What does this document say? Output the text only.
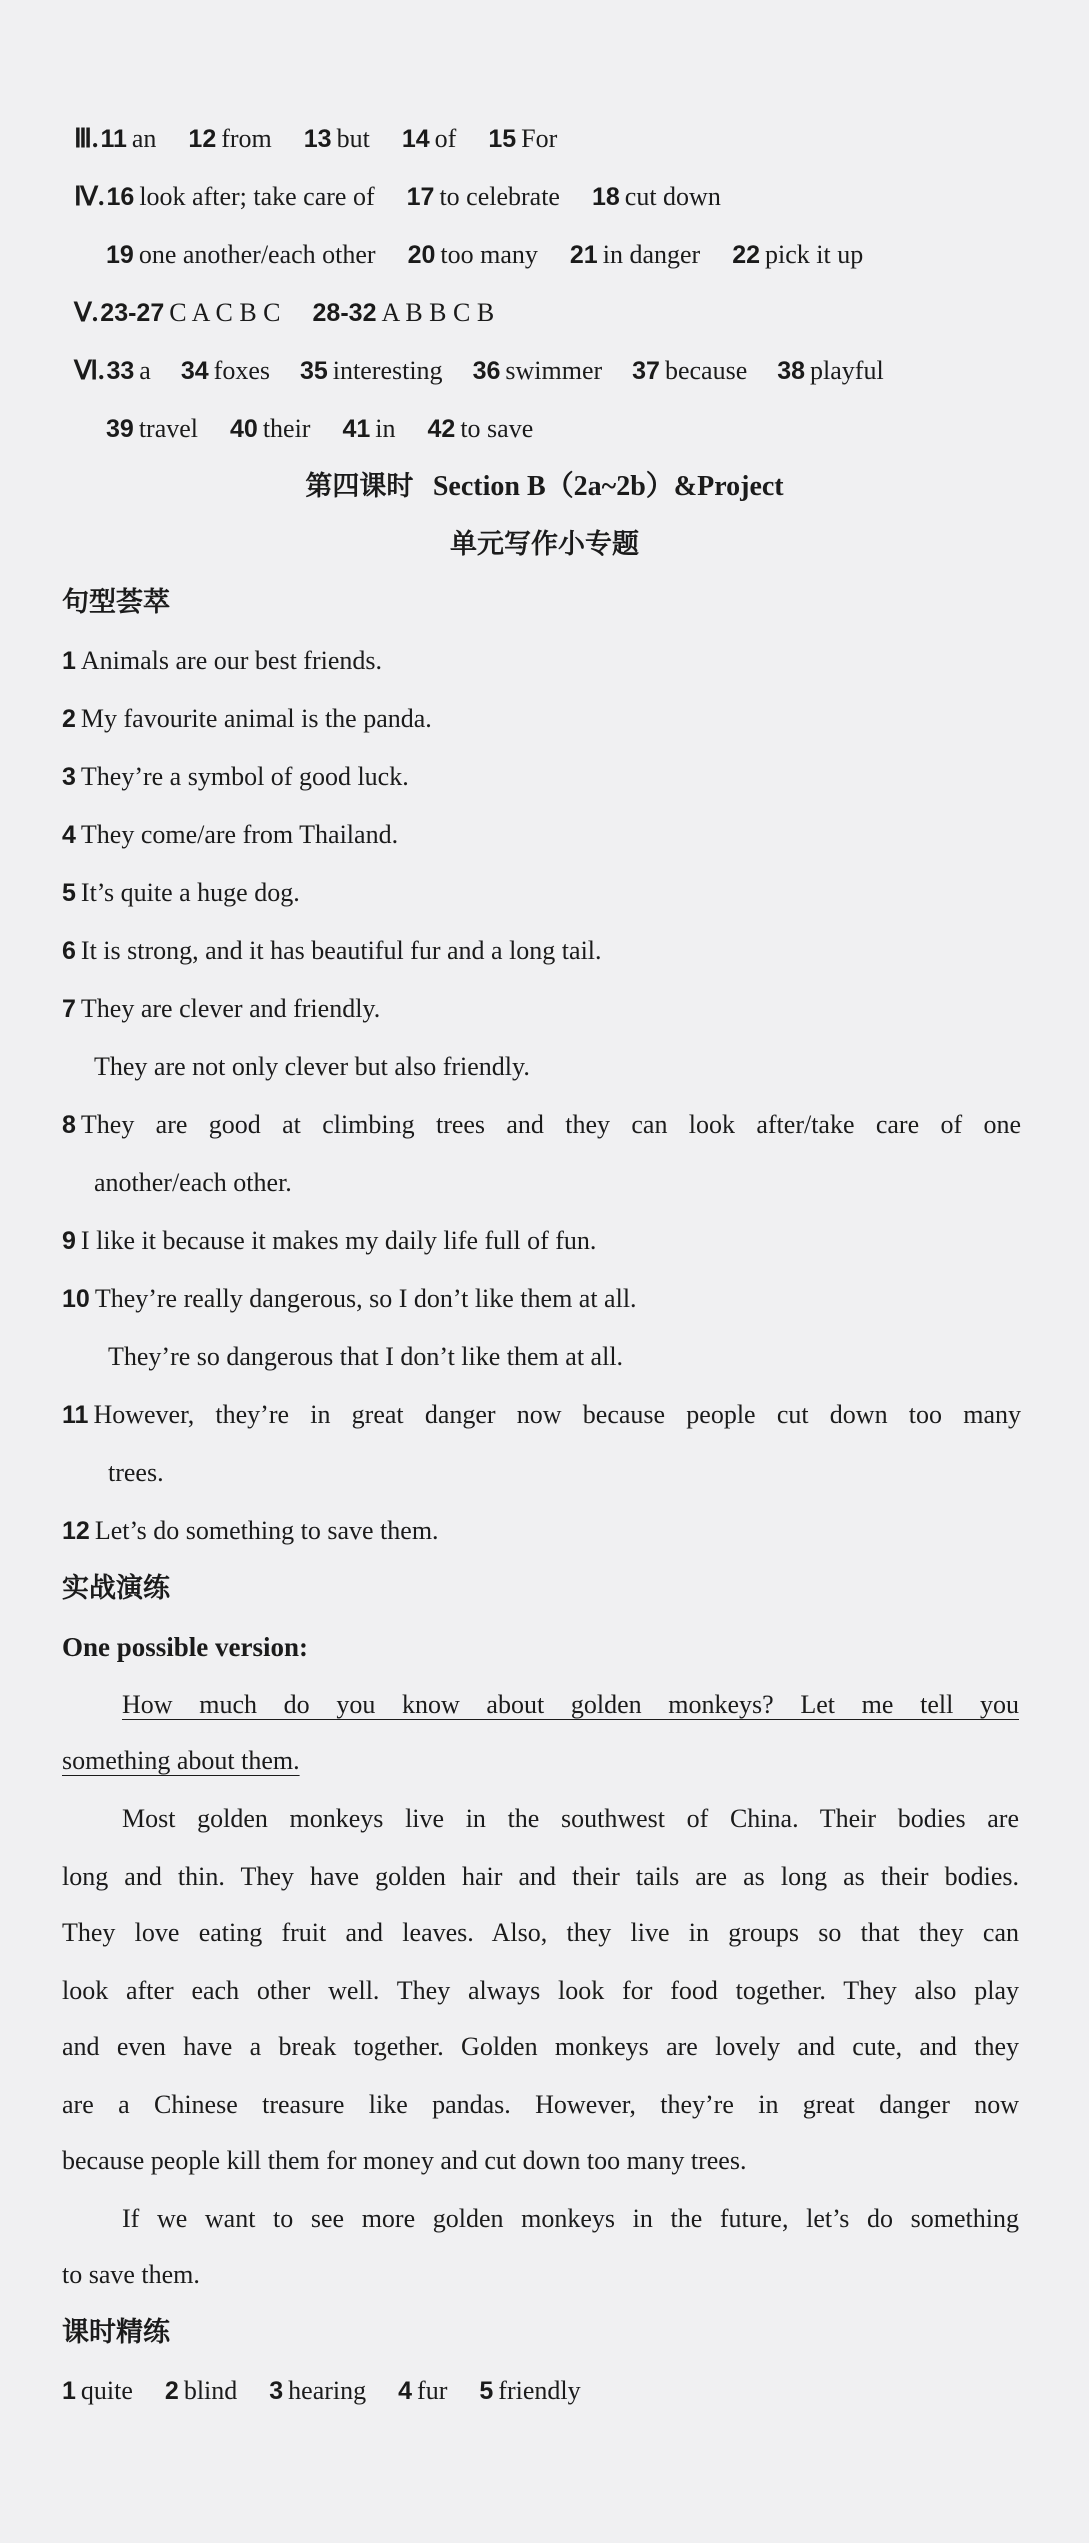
Ⅲ.11 an 12 from 13 but 14 of 15 For
Ⅳ.16 look after; take care of 17 to celebrate 18 cut down
19 one another/each other 20 too many 21 in danger 22 pick it up
Ⅴ.23-27 C A C B C 28-32 A B B C B
Ⅵ.33 a 34 foxes 35 interesting 36 swimmer 37 because 38 playful
39 travel 40 their 41 in 42 to save
第四课时 Section B（2a~2b）&Project
单元写作小专题
句型荟萃
1 Animals are our best friends.
2 My favourite animal is the panda.
3 They’re a symbol of good luck.
4 They come/are from Thailand.
5 It’s quite a huge dog.
6 It is strong, and it has beautiful fur and a long tail.
7 They are clever and friendly.
They are not only clever but also friendly.
8 They are good at climbing trees and they can look after/take care of one
another/each other.
9 I like it because it makes my daily life full of fun.
10 They’re really dangerous, so I don’t like them at all.
They’re so dangerous that I don’t like them at all.
11 However, they’re in great danger now because people cut down too many
trees.
12 Let’s do something to save them.
实战演练
One possible version:
How much do you know about golden monkeys? Let me tell you
something about them.
Most golden monkeys live in the southwest of China. Their bodies are
long and thin. They have golden hair and their tails are as long as their bodies.
They love eating fruit and leaves. Also, they live in groups so that they can
look after each other well. They always look for food together. They also play
and even have a break together. Golden monkeys are lovely and cute, and they
are a Chinese treasure like pandas. However, they’re in great danger now
because people kill them for money and cut down too many trees.
If we want to see more golden monkeys in the future, let’s do something
to save them.
课时精练
1 quite 2 blind 3 hearing 4 fur 5 friendly
